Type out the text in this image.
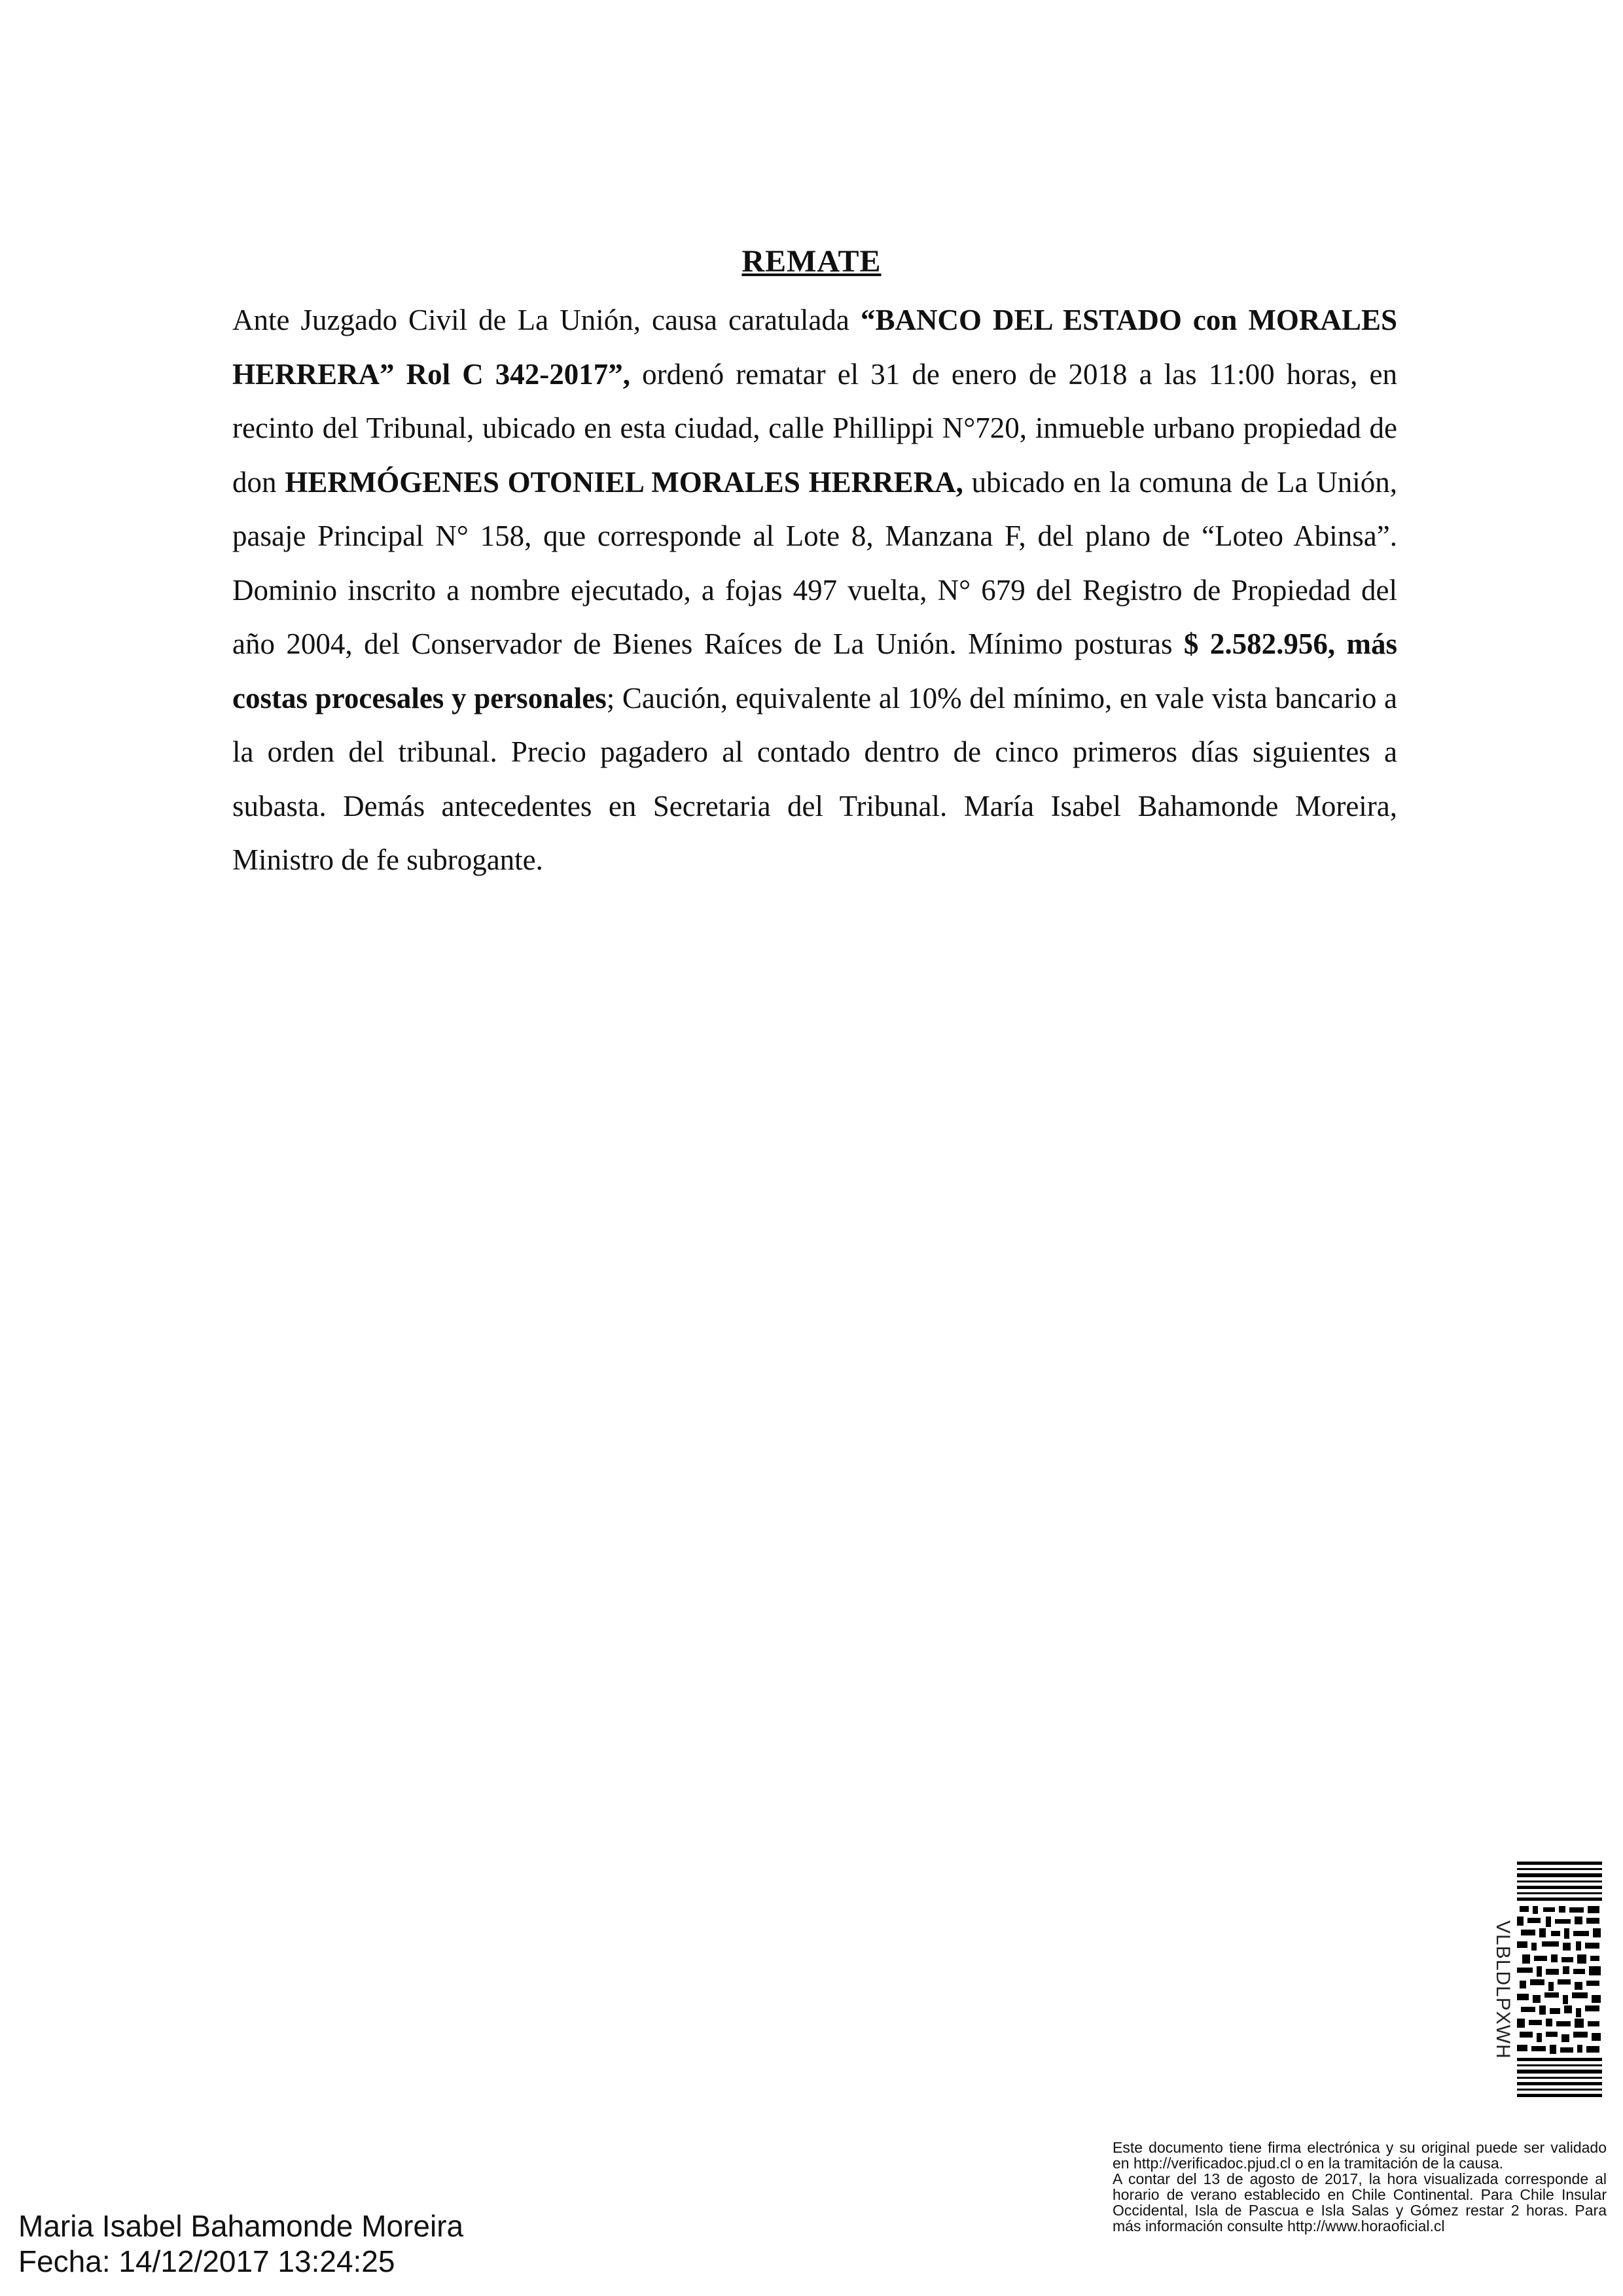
REMATE
Ante Juzgado Civil de La Unión, causa caratulada “BANCO DEL ESTADO con MORALES HERRERA” Rol C 342-2017”, ordenó rematar el 31 de enero de 2018 a las 11:00 horas, en recinto del Tribunal, ubicado en esta ciudad, calle Phillippi N°720, inmueble urbano propiedad de don HERMÓGENES OTONIEL MORALES HERRERA, ubicado en la comuna de La Unión, pasaje Principal N° 158, que corresponde al Lote 8, Manzana F, del plano de “Loteo Abinsa”. Dominio inscrito a nombre ejecutado, a fojas 497 vuelta, N° 679 del Registro de Propiedad del año 2004, del Conservador de Bienes Raíces de La Unión. Mínimo posturas $ 2.582.956, más costas procesales y personales; Caución, equivalente al 10% del mínimo, en vale vista bancario a la orden del tribunal. Precio pagadero al contado dentro de cinco primeros días siguientes a subasta. Demás antecedentes en Secretaria del Tribunal. María Isabel Bahamonde Moreira, Ministro de fe subrogante.
VLBLDLPXWH

Este documento tiene firma electrónica y su original puede ser validado en http://verificadoc.pjud.cl o en la tramitación de la causa.

A contar del 13 de agosto de 2017, la hora visualizada corresponde al horario de verano establecido en Chile Continental. Para Chile Insular Occidental, Isla de Pascua e Isla Salas y Gómez restar 2 horas. Para más información consulte http://www.horaoficial.cl

Maria Isabel Bahamonde Moreira
Fecha: 14/12/2017 13:24:25
